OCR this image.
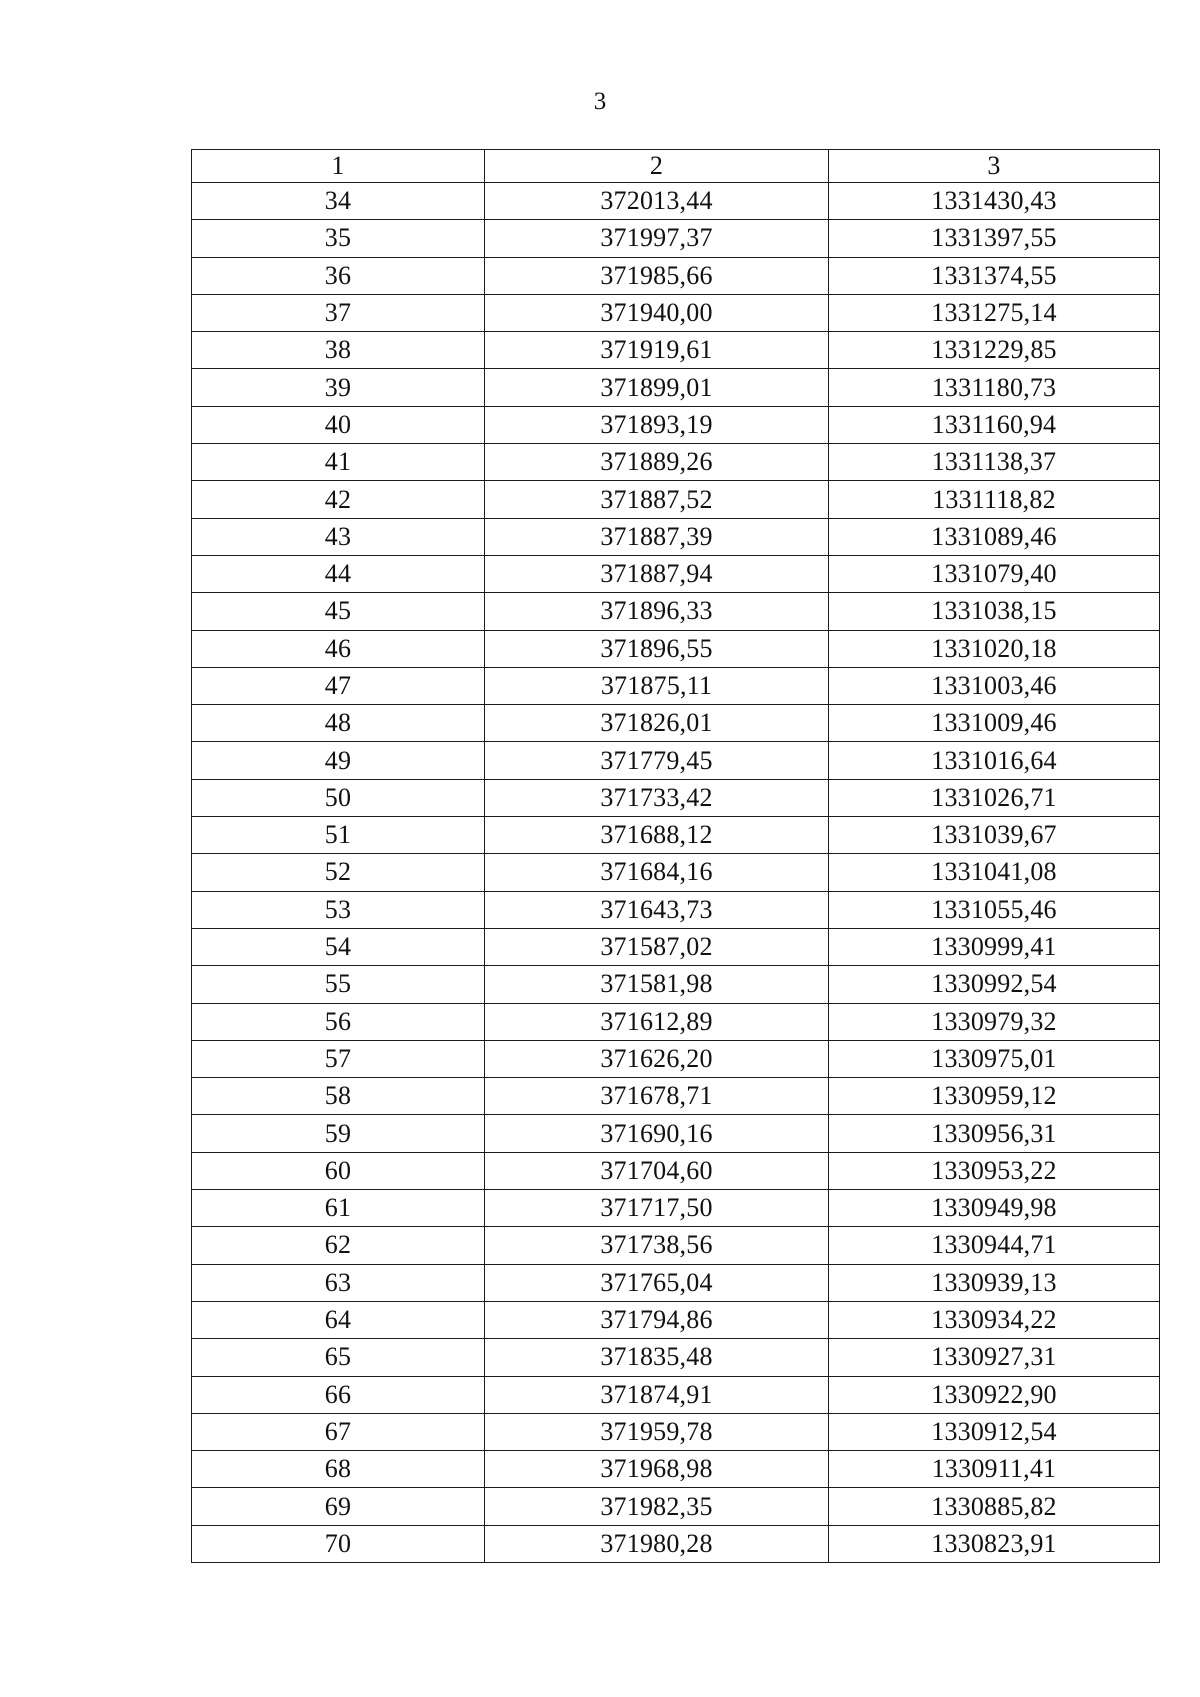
3
1	2	3
34	372013,44	1331430,43
35	371997,37	1331397,55
36	371985,66	1331374,55
37	371940,00	1331275,14
38	371919,61	1331229,85
39	371899,01	1331180,73
40	371893,19	1331160,94
41	371889,26	1331138,37
42	371887,52	1331118,82
43	371887,39	1331089,46
44	371887,94	1331079,40
45	371896,33	1331038,15
46	371896,55	1331020,18
47	371875,11	1331003,46
48	371826,01	1331009,46
49	371779,45	1331016,64
50	371733,42	1331026,71
51	371688,12	1331039,67
52	371684,16	1331041,08
53	371643,73	1331055,46
54	371587,02	1330999,41
55	371581,98	1330992,54
56	371612,89	1330979,32
57	371626,20	1330975,01
58	371678,71	1330959,12
59	371690,16	1330956,31
60	371704,60	1330953,22
61	371717,50	1330949,98
62	371738,56	1330944,71
63	371765,04	1330939,13
64	371794,86	1330934,22
65	371835,48	1330927,31
66	371874,91	1330922,90
67	371959,78	1330912,54
68	371968,98	1330911,41
69	371982,35	1330885,82
70	371980,28	1330823,91
